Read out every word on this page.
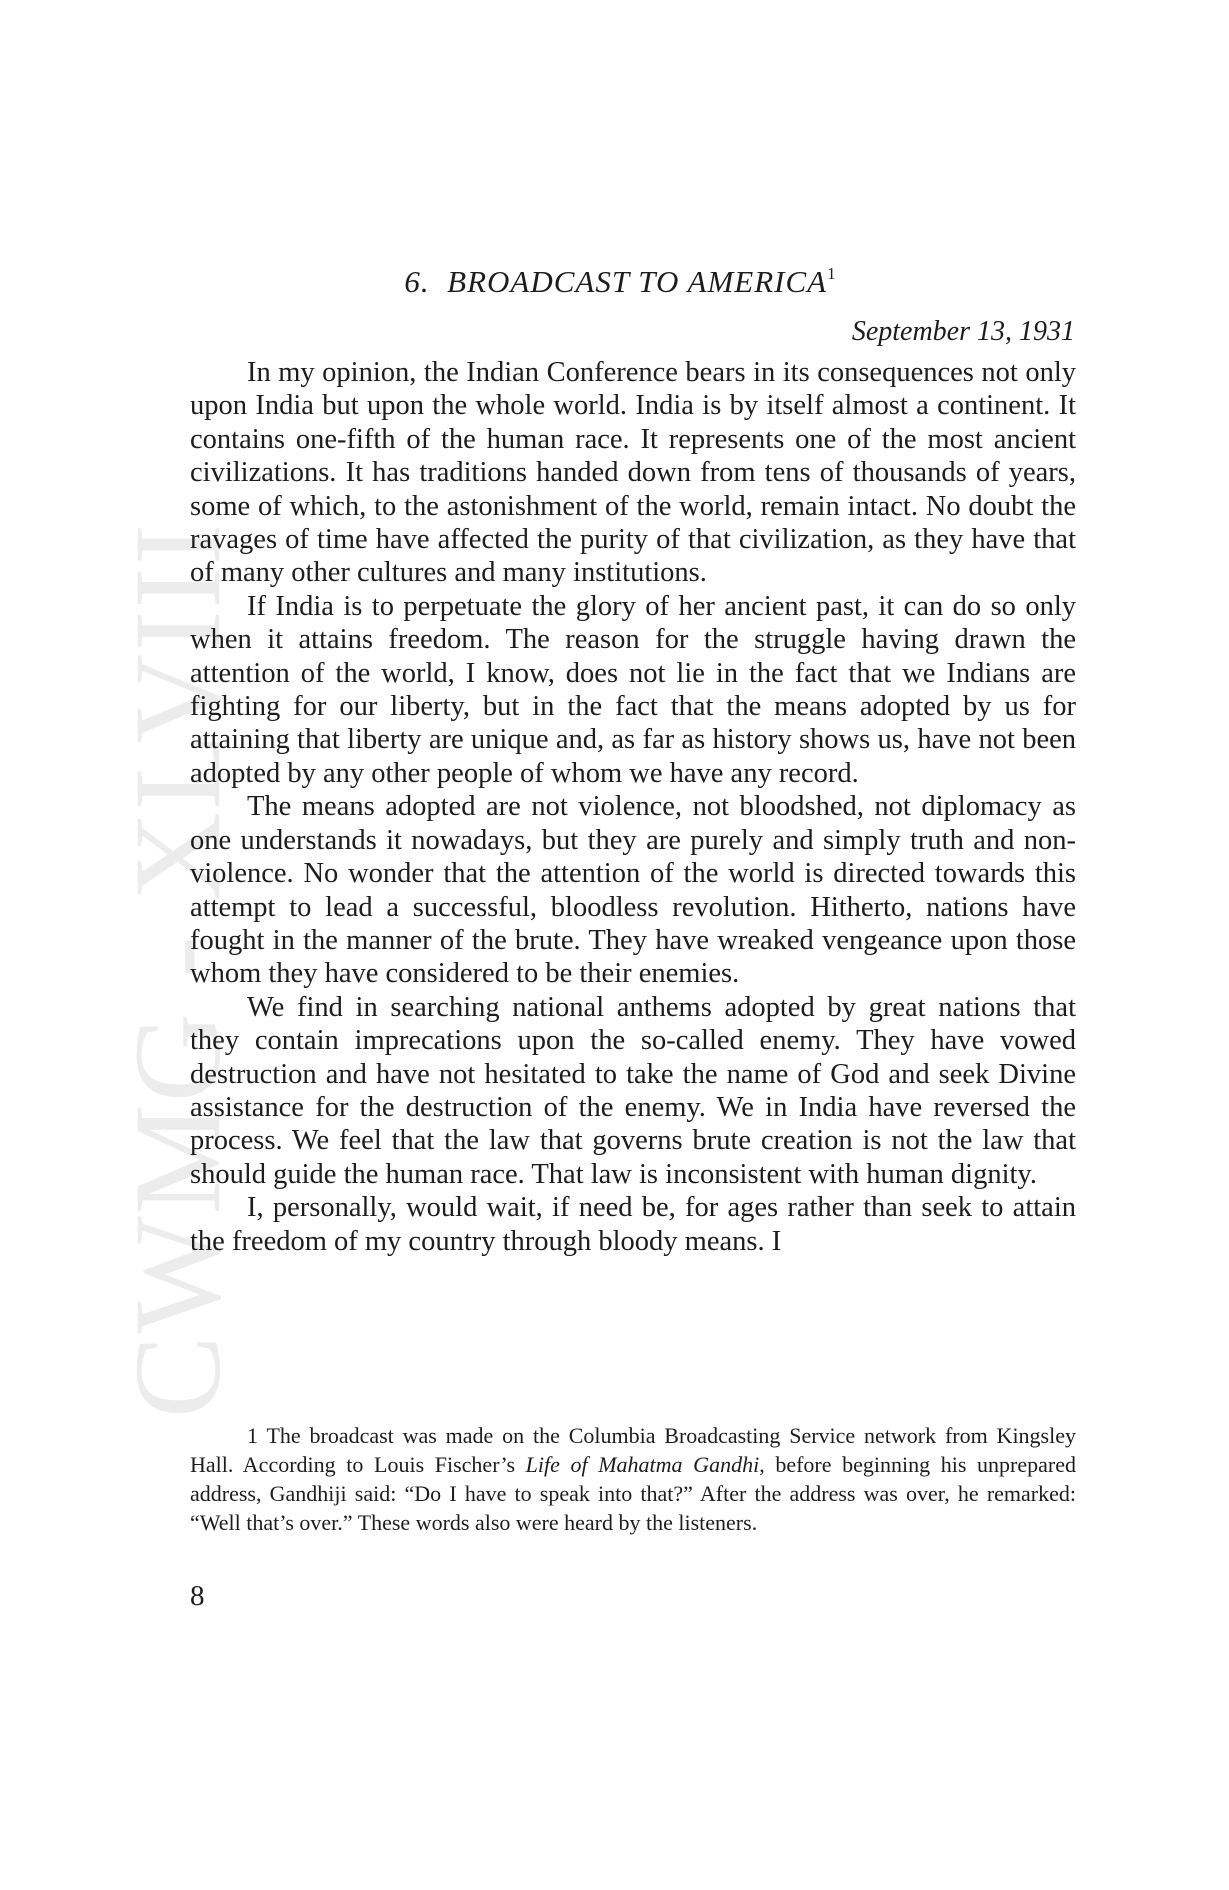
CWMG - XLVIII
6. BROADCAST TO AMERICA$^1$
September 13, 1931

In my opinion, the Indian Conference bears in its consequences not only upon India but upon the whole world. India is by itself almost a continent. It contains one-fifth of the human race. It represents one of the most ancient civilizations. It has traditions handed down from tens of thousands of years, some of which, to the astonishment of the world, remain intact. No doubt the ravages of time have affected the purity of that civilization, as they have that of many other cultures and many institutions.

If India is to perpetuate the glory of her ancient past, it can do so only when it attains freedom. The reason for the struggle having drawn the attention of the world, I know, does not lie in the fact that we Indians are fighting for our liberty, but in the fact that the means adopted by us for attaining that liberty are unique and, as far as history shows us, have not been adopted by any other people of whom we have any record.

The means adopted are not violence, not bloodshed, not diplomacy as one understands it nowadays, but they are purely and simply truth and non-violence. No wonder that the attention of the world is directed towards this attempt to lead a successful, bloodless revolution. Hitherto, nations have fought in the manner of the brute. They have wreaked vengeance upon those whom they have considered to be their enemies.

We find in searching national anthems adopted by great nations that they contain imprecations upon the so-called enemy. They have vowed destruction and have not hesitated to take the name of God and seek Divine assistance for the destruction of the enemy. We in India have reversed the process. We feel that the law that governs brute creation is not the law that should guide the human race. That law is inconsistent with human dignity.

I, personally, would wait, if need be, for ages rather than seek to attain the freedom of my country through bloody means. I

1 The broadcast was made on the Columbia Broadcasting Service network from Kingsley Hall. According to Louis Fischer’s Life of Mahatma Gandhi, before beginning his unprepared address, Gandhiji said: “Do I have to speak into that?” After the address was over, he remarked: “Well that’s over.” These words also were heard by the listeners.

8
